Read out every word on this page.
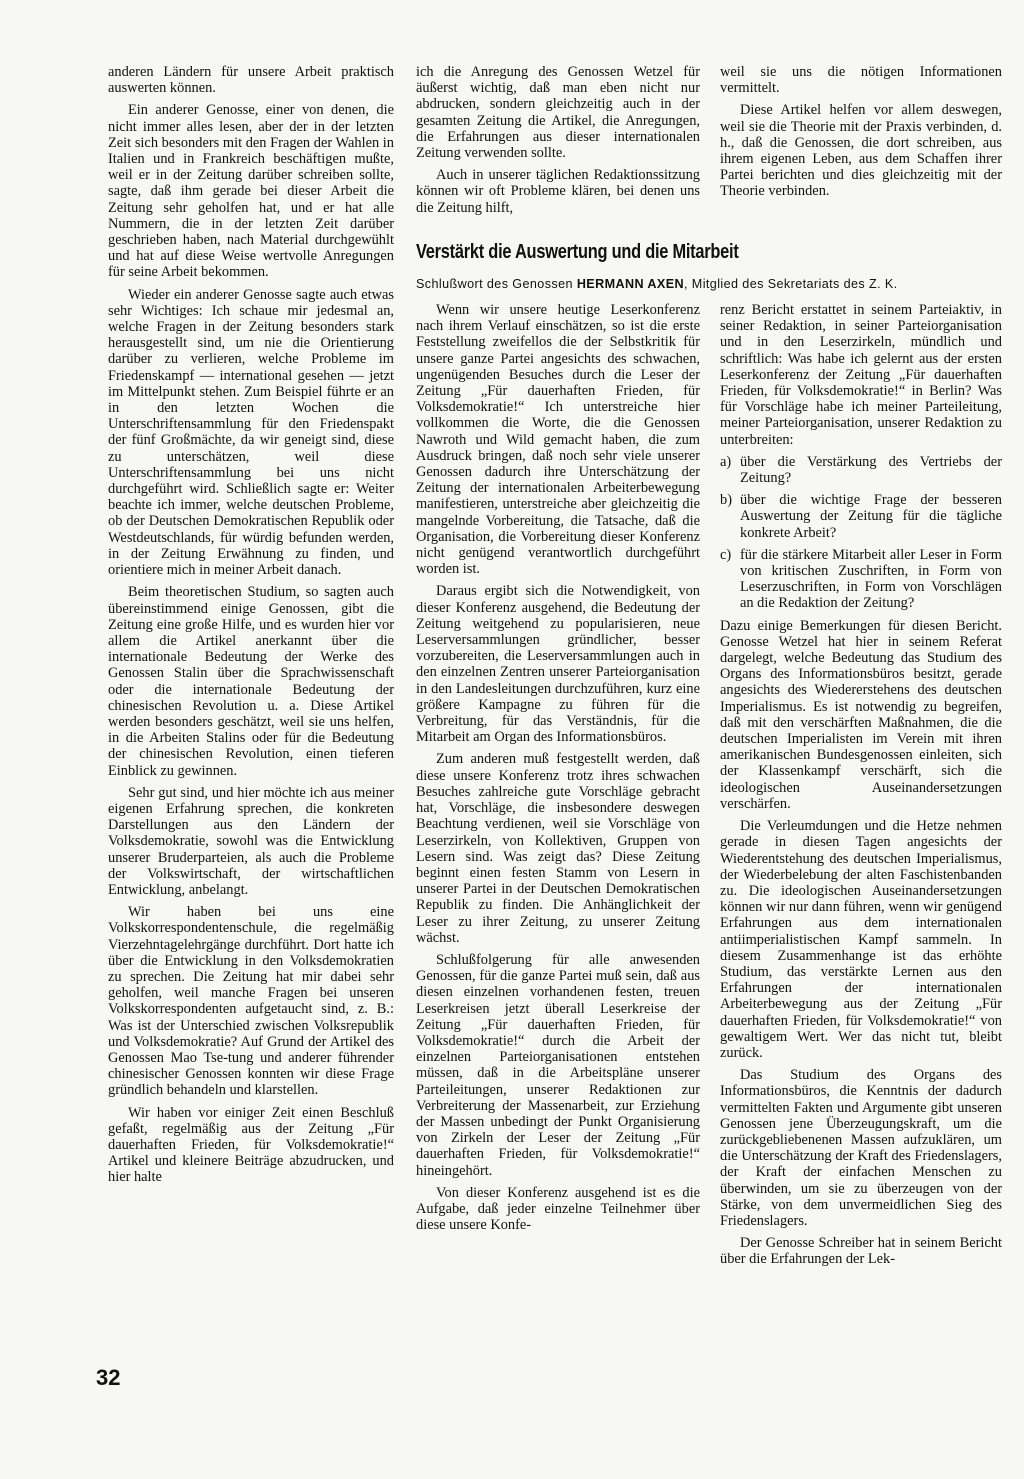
anderen Ländern für unsere Arbeit praktisch auswerten können.

Ein anderer Genosse, einer von denen, die nicht immer alles lesen, aber der in der letzten Zeit sich besonders mit den Fragen der Wahlen in Italien und in Frankreich beschäftigen mußte, weil er in der Zeitung darüber schreiben sollte, sagte, daß ihm gerade bei dieser Arbeit die Zeitung sehr geholfen hat, und er hat alle Nummern, die in der letzten Zeit darüber geschrieben haben, nach Material durchgewühlt und hat auf diese Weise wertvolle Anregungen für seine Arbeit bekommen.

Wieder ein anderer Genosse sagte auch etwas sehr Wichtiges: Ich schaue mir jedesmal an, welche Fragen in der Zeitung besonders stark herausgestellt sind, um nie die Orientierung darüber zu verlieren, welche Probleme im Friedenskampf — international gesehen — jetzt im Mittelpunkt stehen. Zum Beispiel führte er an in den letzten Wochen die Unterschriftensammlung für den Friedenspakt der fünf Großmächte, da wir geneigt sind, diese zu unterschätzen, weil diese Unterschriftensammlung bei uns nicht durchgeführt wird. Schließlich sagte er: Weiter beachte ich immer, welche deutschen Probleme, ob der Deutschen Demokratischen Republik oder Westdeutschlands, für würdig befunden werden, in der Zeitung Erwähnung zu finden, und orientiere mich in meiner Arbeit danach.

Beim theoretischen Studium, so sagten auch übereinstimmend einige Genossen, gibt die Zeitung eine große Hilfe, und es wurden hier vor allem die Artikel anerkannt über die internationale Bedeutung der Werke des Genossen Stalin über die Sprachwissenschaft oder die internationale Bedeutung der chinesischen Revolution u. a. Diese Artikel werden besonders geschätzt, weil sie uns helfen, in die Arbeiten Stalins oder für die Bedeutung der chinesischen Revolution, einen tieferen Einblick zu gewinnen.

Sehr gut sind, und hier möchte ich aus meiner eigenen Erfahrung sprechen, die konkreten Darstellungen aus den Ländern der Volksdemokratie, sowohl was die Entwicklung unserer Bruderparteien, als auch die Probleme der Volkswirtschaft, der wirtschaftlichen Entwicklung, anbelangt.

Wir haben bei uns eine Volkskorrespondentenschule, die regelmäßig Vierzehntagelehrgänge durchführt. Dort hatte ich über die Entwicklung in den Volksdemokratien zu sprechen. Die Zeitung hat mir dabei sehr geholfen, weil manche Fragen bei unseren Volkskorrespondenten aufgetaucht sind, z. B.: Was ist der Unterschied zwischen Volksrepublik und Volksdemokratie? Auf Grund der Artikel des Genossen Mao Tse-tung und anderer führender chinesischer Genossen konnten wir diese Frage gründlich behandeln und klarstellen.

Wir haben vor einiger Zeit einen Beschluß gefaßt, regelmäßig aus der Zeitung „Für dauerhaften Frieden, für Volksdemokratie!“ Artikel und kleinere Beiträge abzudrucken, und hier halte

ich die Anregung des Genossen Wetzel für äußerst wichtig, daß man eben nicht nur abdrucken, sondern gleichzeitig auch in der gesamten Zeitung die Artikel, die Anregungen, die Erfahrungen aus dieser internationalen Zeitung verwenden sollte.

Auch in unserer täglichen Redaktionssitzung können wir oft Probleme klären, bei denen uns die Zeitung hilft,

weil sie uns die nötigen Informationen vermittelt.

Diese Artikel helfen vor allem deswegen, weil sie die Theorie mit der Praxis verbinden, d. h., daß die Genossen, die dort schreiben, aus ihrem eigenen Leben, aus dem Schaffen ihrer Partei berichten und dies gleichzeitig mit der Theorie verbinden.

Verstärkt die Auswertung und die Mitarbeit
Schlußwort des Genossen HERMANN AXEN, Mitglied des Sekretariats des Z. K.

Wenn wir unsere heutige Leserkonferenz nach ihrem Verlauf einschätzen, so ist die erste Feststellung zweifellos die der Selbstkritik für unsere ganze Partei angesichts des schwachen, ungenügenden Besuches durch die Leser der Zeitung „Für dauerhaften Frieden, für Volksdemokratie!“ Ich unterstreiche hier vollkommen die Worte, die die Genossen Nawroth und Wild gemacht haben, die zum Ausdruck bringen, daß noch sehr viele unserer Genossen dadurch ihre Unterschätzung der Zeitung der internationalen Arbeiterbewegung manifestieren, unterstreiche aber gleichzeitig die mangelnde Vorbereitung, die Tatsache, daß die Organisation, die Vorbereitung dieser Konferenz nicht genügend verantwortlich durchgeführt worden ist.

Daraus ergibt sich die Notwendigkeit, von dieser Konferenz ausgehend, die Bedeutung der Zeitung weitgehend zu popularisieren, neue Leserversammlungen gründlicher, besser vorzubereiten, die Leserversammlungen auch in den einzelnen Zentren unserer Parteiorganisation in den Landesleitungen durchzuführen, kurz eine größere Kampagne zu führen für die Verbreitung, für das Verständnis, für die Mitarbeit am Organ des Informationsbüros.

Zum anderen muß festgestellt werden, daß diese unsere Konferenz trotz ihres schwachen Besuches zahlreiche gute Vorschläge gebracht hat, Vorschläge, die insbesondere deswegen Beachtung verdienen, weil sie Vorschläge von Leserzirkeln, von Kollektiven, Gruppen von Lesern sind. Was zeigt das? Diese Zeitung beginnt einen festen Stamm von Lesern in unserer Partei in der Deutschen Demokratischen Republik zu finden. Die Anhänglichkeit der Leser zu ihrer Zeitung, zu unserer Zeitung wächst.

Schlußfolgerung für alle anwesenden Genossen, für die ganze Partei muß sein, daß aus diesen einzelnen vorhandenen festen, treuen Leserkreisen jetzt überall Leserkreise der Zeitung „Für dauerhaften Frieden, für Volksdemokratie!“ durch die Arbeit der einzelnen Parteiorganisationen entstehen müssen, daß in die Arbeitspläne unserer Parteileitungen, unserer Redaktionen zur Verbreiterung der Massenarbeit, zur Erziehung der Massen unbedingt der Punkt Organisierung von Zirkeln der Leser der Zeitung „Für dauerhaften Frieden, für Volksdemokratie!“ hineingehört.

Von dieser Konferenz ausgehend ist es die Aufgabe, daß jeder einzelne Teilnehmer über diese unsere Konfe-

renz Bericht erstattet in seinem Parteiaktiv, in seiner Redaktion, in seiner Parteiorganisation und in den Leserzirkeln, mündlich und schriftlich: Was habe ich gelernt aus der ersten Leserkonferenz der Zeitung „Für dauerhaften Frieden, für Volksdemokratie!“ in Berlin? Was für Vorschläge habe ich meiner Parteileitung, meiner Parteiorganisation, unserer Redaktion zu unterbreiten:

a) über die Verstärkung des Vertriebs der Zeitung?

b) über die wichtige Frage der besseren Auswertung der Zeitung für die tägliche konkrete Arbeit?

c) für die stärkere Mitarbeit aller Leser in Form von kritischen Zuschriften, in Form von Leserzuschriften, in Form von Vorschlägen an die Redaktion der Zeitung?

Dazu einige Bemerkungen für diesen Bericht. Genosse Wetzel hat hier in seinem Referat dargelegt, welche Bedeutung das Studium des Organs des Informationsbüros besitzt, gerade angesichts des Wiedererstehens des deutschen Imperialismus. Es ist notwendig zu begreifen, daß mit den verschärften Maßnahmen, die die deutschen Imperialisten im Verein mit ihren amerikanischen Bundesgenossen einleiten, sich der Klassenkampf verschärft, sich die ideologischen Auseinandersetzungen verschärfen.

Die Verleumdungen und die Hetze nehmen gerade in diesen Tagen angesichts der Wiederentstehung des deutschen Imperialismus, der Wiederbelebung der alten Faschistenbanden zu. Die ideologischen Auseinandersetzungen können wir nur dann führen, wenn wir genügend Erfahrungen aus dem internationalen antiimperialistischen Kampf sammeln. In diesem Zusammenhange ist das erhöhte Studium, das verstärkte Lernen aus den Erfahrungen der internationalen Arbeiterbewegung aus der Zeitung „Für dauerhaften Frieden, für Volksdemokratie!“ von gewaltigem Wert. Wer das nicht tut, bleibt zurück.

Das Studium des Organs des Informationsbüros, die Kenntnis der dadurch vermittelten Fakten und Argumente gibt unseren Genossen jene Überzeugungskraft, um die zurückgebliebenenen Massen aufzuklären, um die Unterschätzung der Kraft des Friedenslagers, der Kraft der einfachen Menschen zu überwinden, um sie zu überzeugen von der Stärke, von dem unvermeidlichen Sieg des Friedenslagers.

Der Genosse Schreiber hat in seinem Bericht über die Erfahrungen der Lek-

32
